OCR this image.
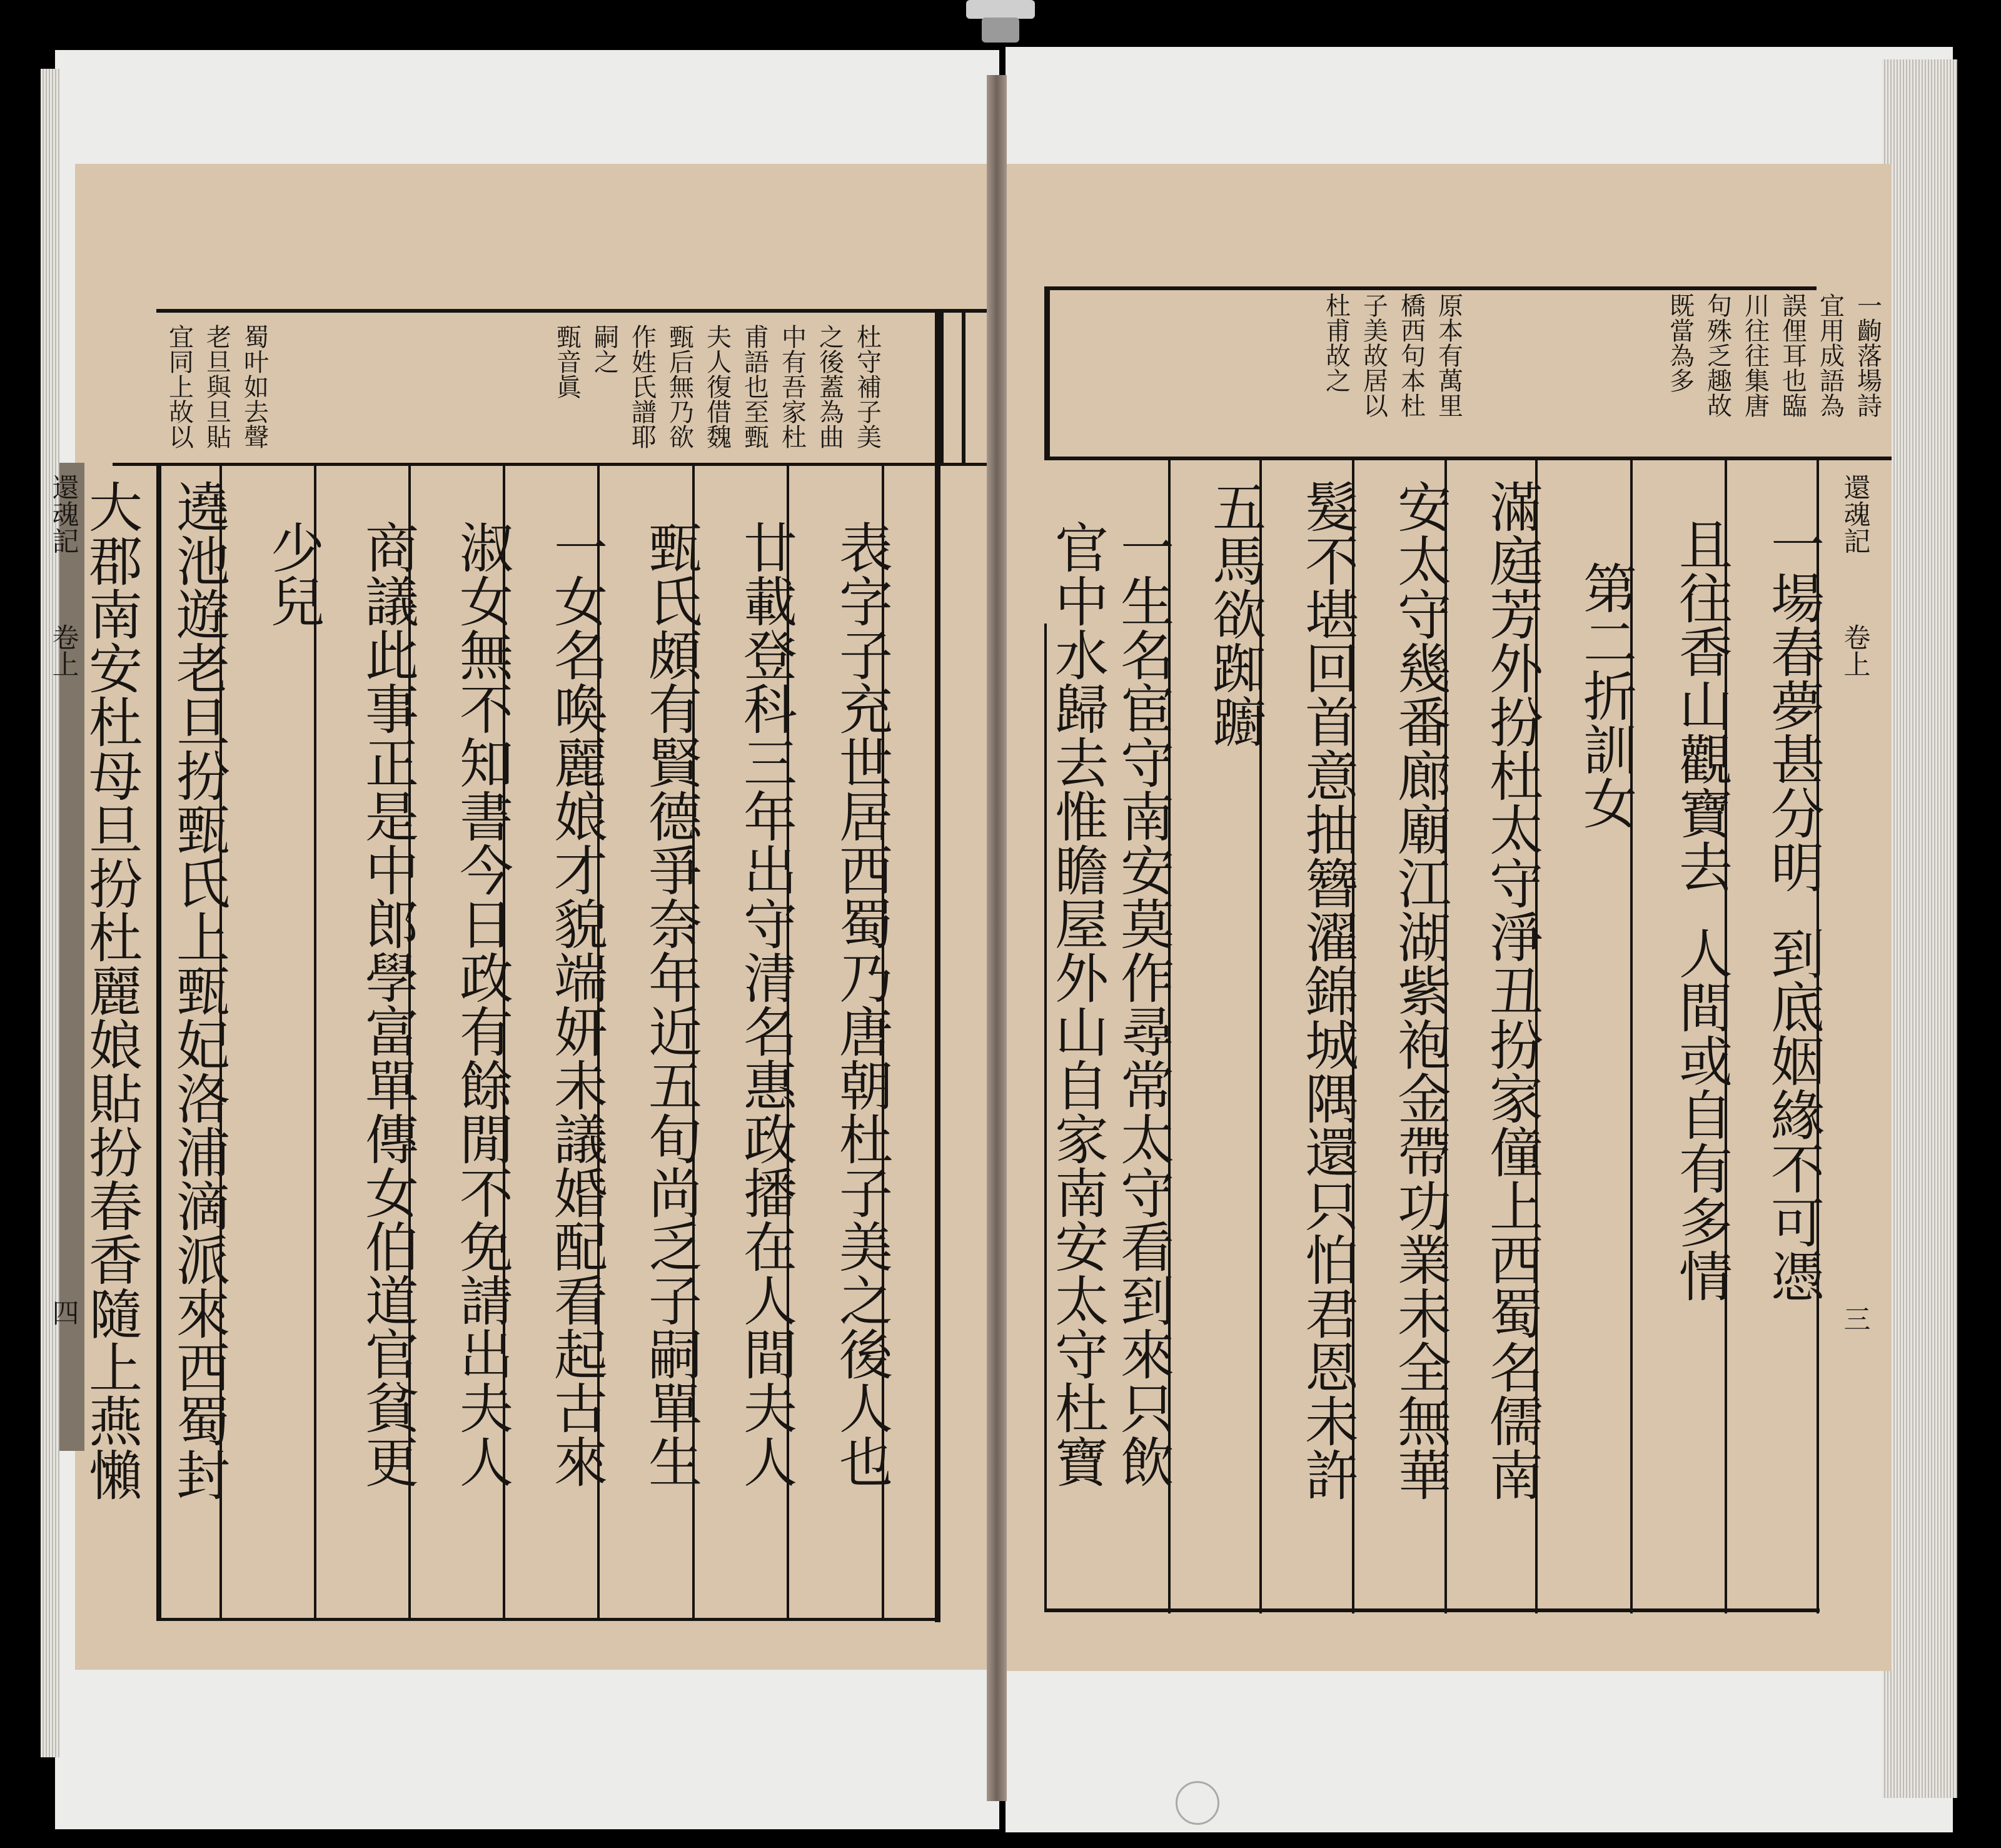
表
字
子
充
世
居
西
蜀
乃
唐
朝
杜
子
美
之
後
人
也
廿
載
登
科
三
年
出
守
清
名
惠
政
播
在
人
間
夫
人
甄
氏
頗
有
賢
德
爭
奈
年
近
五
旬
尚
乏
子
嗣
單
生
一
女
名
喚
麗
娘
才
貌
端
妍
未
議
婚
配
看
起
古
來
淑
女
無
不
知
書
今
日
政
有
餘
閒
不
免
請
出
夫
人
商
議
此
事
正
是
中
郎
學
富
單
傳
女
伯
道
官
貧
更
少
兒
遶
池
遊
老
旦
扮
甄
氏
上
甄
妃
洛
浦
滴
派
來
西
蜀
封
大
郡
南
安
杜
母
旦
扮
杜
麗
娘
貼
扮
春
香
隨
上
燕
懶
杜
守
補
子
美
之
後
蓋
為
曲
中
有
吾
家
杜
甫
語
也
至
甄
夫
人
復
借
魏
甄
后
無
乃
欲
作
姓
氏
譜
耶
嗣
之
甄
音
眞
蜀
叶
如
去
聲
老
旦
與
旦
貼
宜
同
上
故
以
還
魂
記
卷
上
四
還
魂
記
卷
上
三
一
場
春
夢
甚
分
明
到
底
姻
緣
不
可
憑
且
往
香
山
觀
寶
去
人
間
或
自
有
多
情
第
二
折
訓
女
滿
庭
芳
外
扮
杜
太
守
淨
丑
扮
家
僮
上
西
蜀
名
儒
南
安
太
守
幾
番
廊
廟
江
湖
紫
袍
金
帶
功
業
未
全
無
華
髮
不
堪
回
首
意
抽
簪
濯
錦
城
隅
還
只
怕
君
恩
未
許
五
馬
欲
踟
躕
一
生
名
宦
守
南
安
莫
作
尋
常
太
守
看
到
來
只
飲
官
中
水
歸
去
惟
瞻
屋
外
山
自
家
南
安
太
守
杜
寶
一
齣
落
場
詩
宜
用
成
語
為
誤
俚
耳
也
臨
川
往
往
集
唐
句
殊
乏
趣
故
既
當
為
多
原
本
有
萬
里
橋
西
句
本
杜
子
美
故
居
以
杜
甫
故
之
